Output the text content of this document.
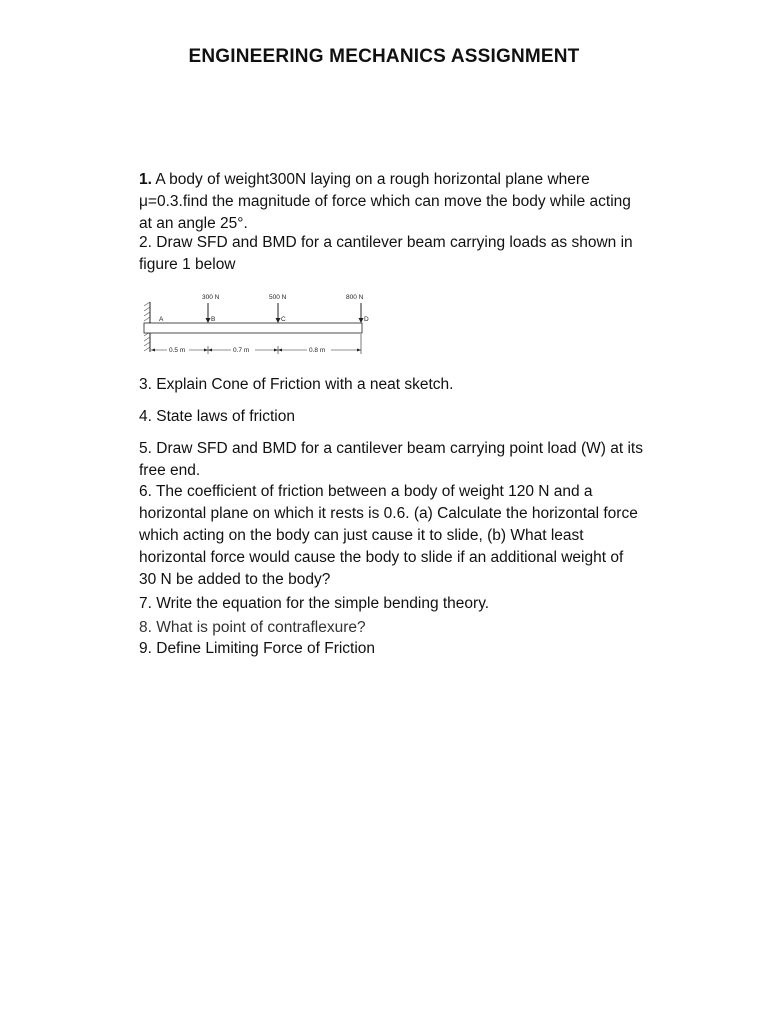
ENGINEERING MECHANICS ASSIGNMENT
1. A body of weight300N laying on a rough horizontal plane where μ=0.3.find the magnitude of force which can move the body while acting at an angle 25°.
2. Draw SFD and BMD for a cantilever beam carrying loads as shown in figure 1 below
300 N	500 N	800 N
A	B	C	D
0.5 m	0.7 m	0.8 m
3. Explain Cone of Friction with a neat sketch.
4. State laws of friction
5. Draw SFD and BMD for a cantilever beam carrying point load (W) at its free end.
6. The coefficient of friction between a body of weight 120 N and a horizontal plane on which it rests is 0.6. (a) Calculate the horizontal force which acting on the body can just cause it to slide, (b) What least horizontal force would cause the body to slide if an additional weight of 30 N be added to the body?
7. Write the equation for the simple bending theory.
8. What is point of contraflexure?
9. Define Limiting Force of Friction
